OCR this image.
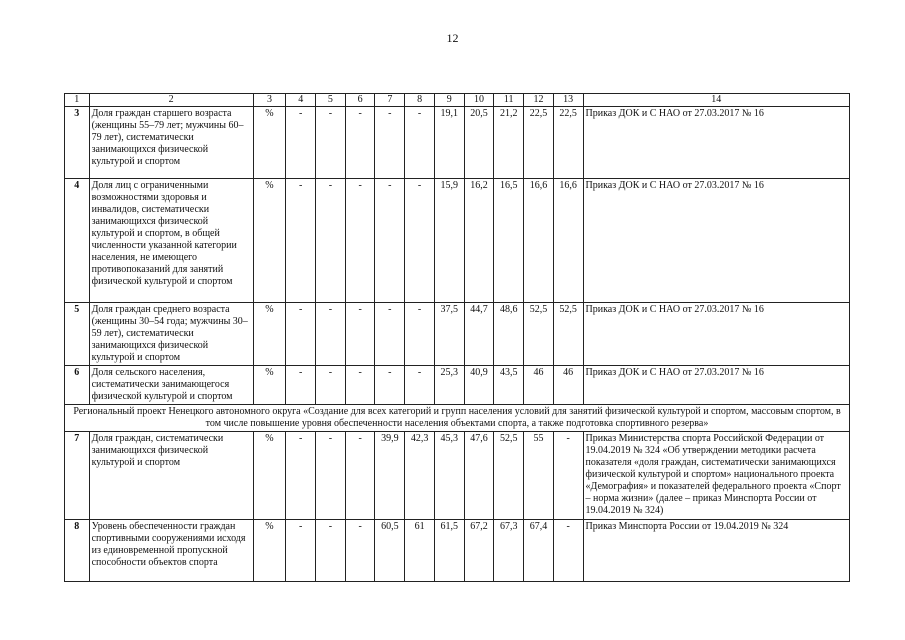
12
1	2	3	4	5	6	7	8	9	10	11	12	13	14
3	Доля граждан старшего возраста (женщины 55–79 лет; мужчины 60–79 лет), систематически занимающихся физической культурой и спортом	%	-	-	-	-	-	19,1	20,5	21,2	22,5	22,5	Приказ ДОК и С НАО от 27.03.2017 № 16
4	Доля лиц с ограниченными возможностями здоровья и инвалидов, систематически занимающихся физической культурой и спортом, в общей численности указанной категории населения, не имеющего противопоказаний для занятий физической культурой и спортом	%	-	-	-	-	-	15,9	16,2	16,5	16,6	16,6	Приказ ДОК и С НАО от 27.03.2017 № 16
5	Доля граждан среднего возраста (женщины 30–54 года; мужчины 30–59 лет), систематически занимающихся физической культурой и спортом	%	-	-	-	-	-	37,5	44,7	48,6	52,5	52,5	Приказ ДОК и С НАО от 27.03.2017 № 16
6	Доля сельского населения, систематически занимающегося физической культурой и спортом	%	-	-	-	-	-	25,3	40,9	43,5	46	46	Приказ ДОК и С НАО от 27.03.2017 № 16
Региональный проект Ненецкого автономного округа «Создание для всех категорий и групп населения условий для занятий физической культурой и спортом, массовым спортом, в том числе повышение уровня обеспеченности населения объектами спорта, а также подготовка спортивного резерва»													
7	Доля граждан, систематически занимающихся физической культурой и спортом	%	-	-	-	39,9	42,3	45,3	47,6	52,5	55	-	Приказ Министерства спорта Российской Федерации от 19.04.2019 № 324 «Об утверждении методики расчета показателя «доля граждан, систематически занимающихся физической культурой и спортом» национального проекта «Демография» и показателей федерального проекта «Спорт – норма жизни» (далее – приказ Минспорта России от 19.04.2019 № 324)
8	Уровень обеспеченности граждан спортивными сооружениями исходя из единовременной пропускной способности объектов спорта	%	-	-	-	60,5	61	61,5	67,2	67,3	67,4	-	Приказ Минспорта России от 19.04.2019 № 324
